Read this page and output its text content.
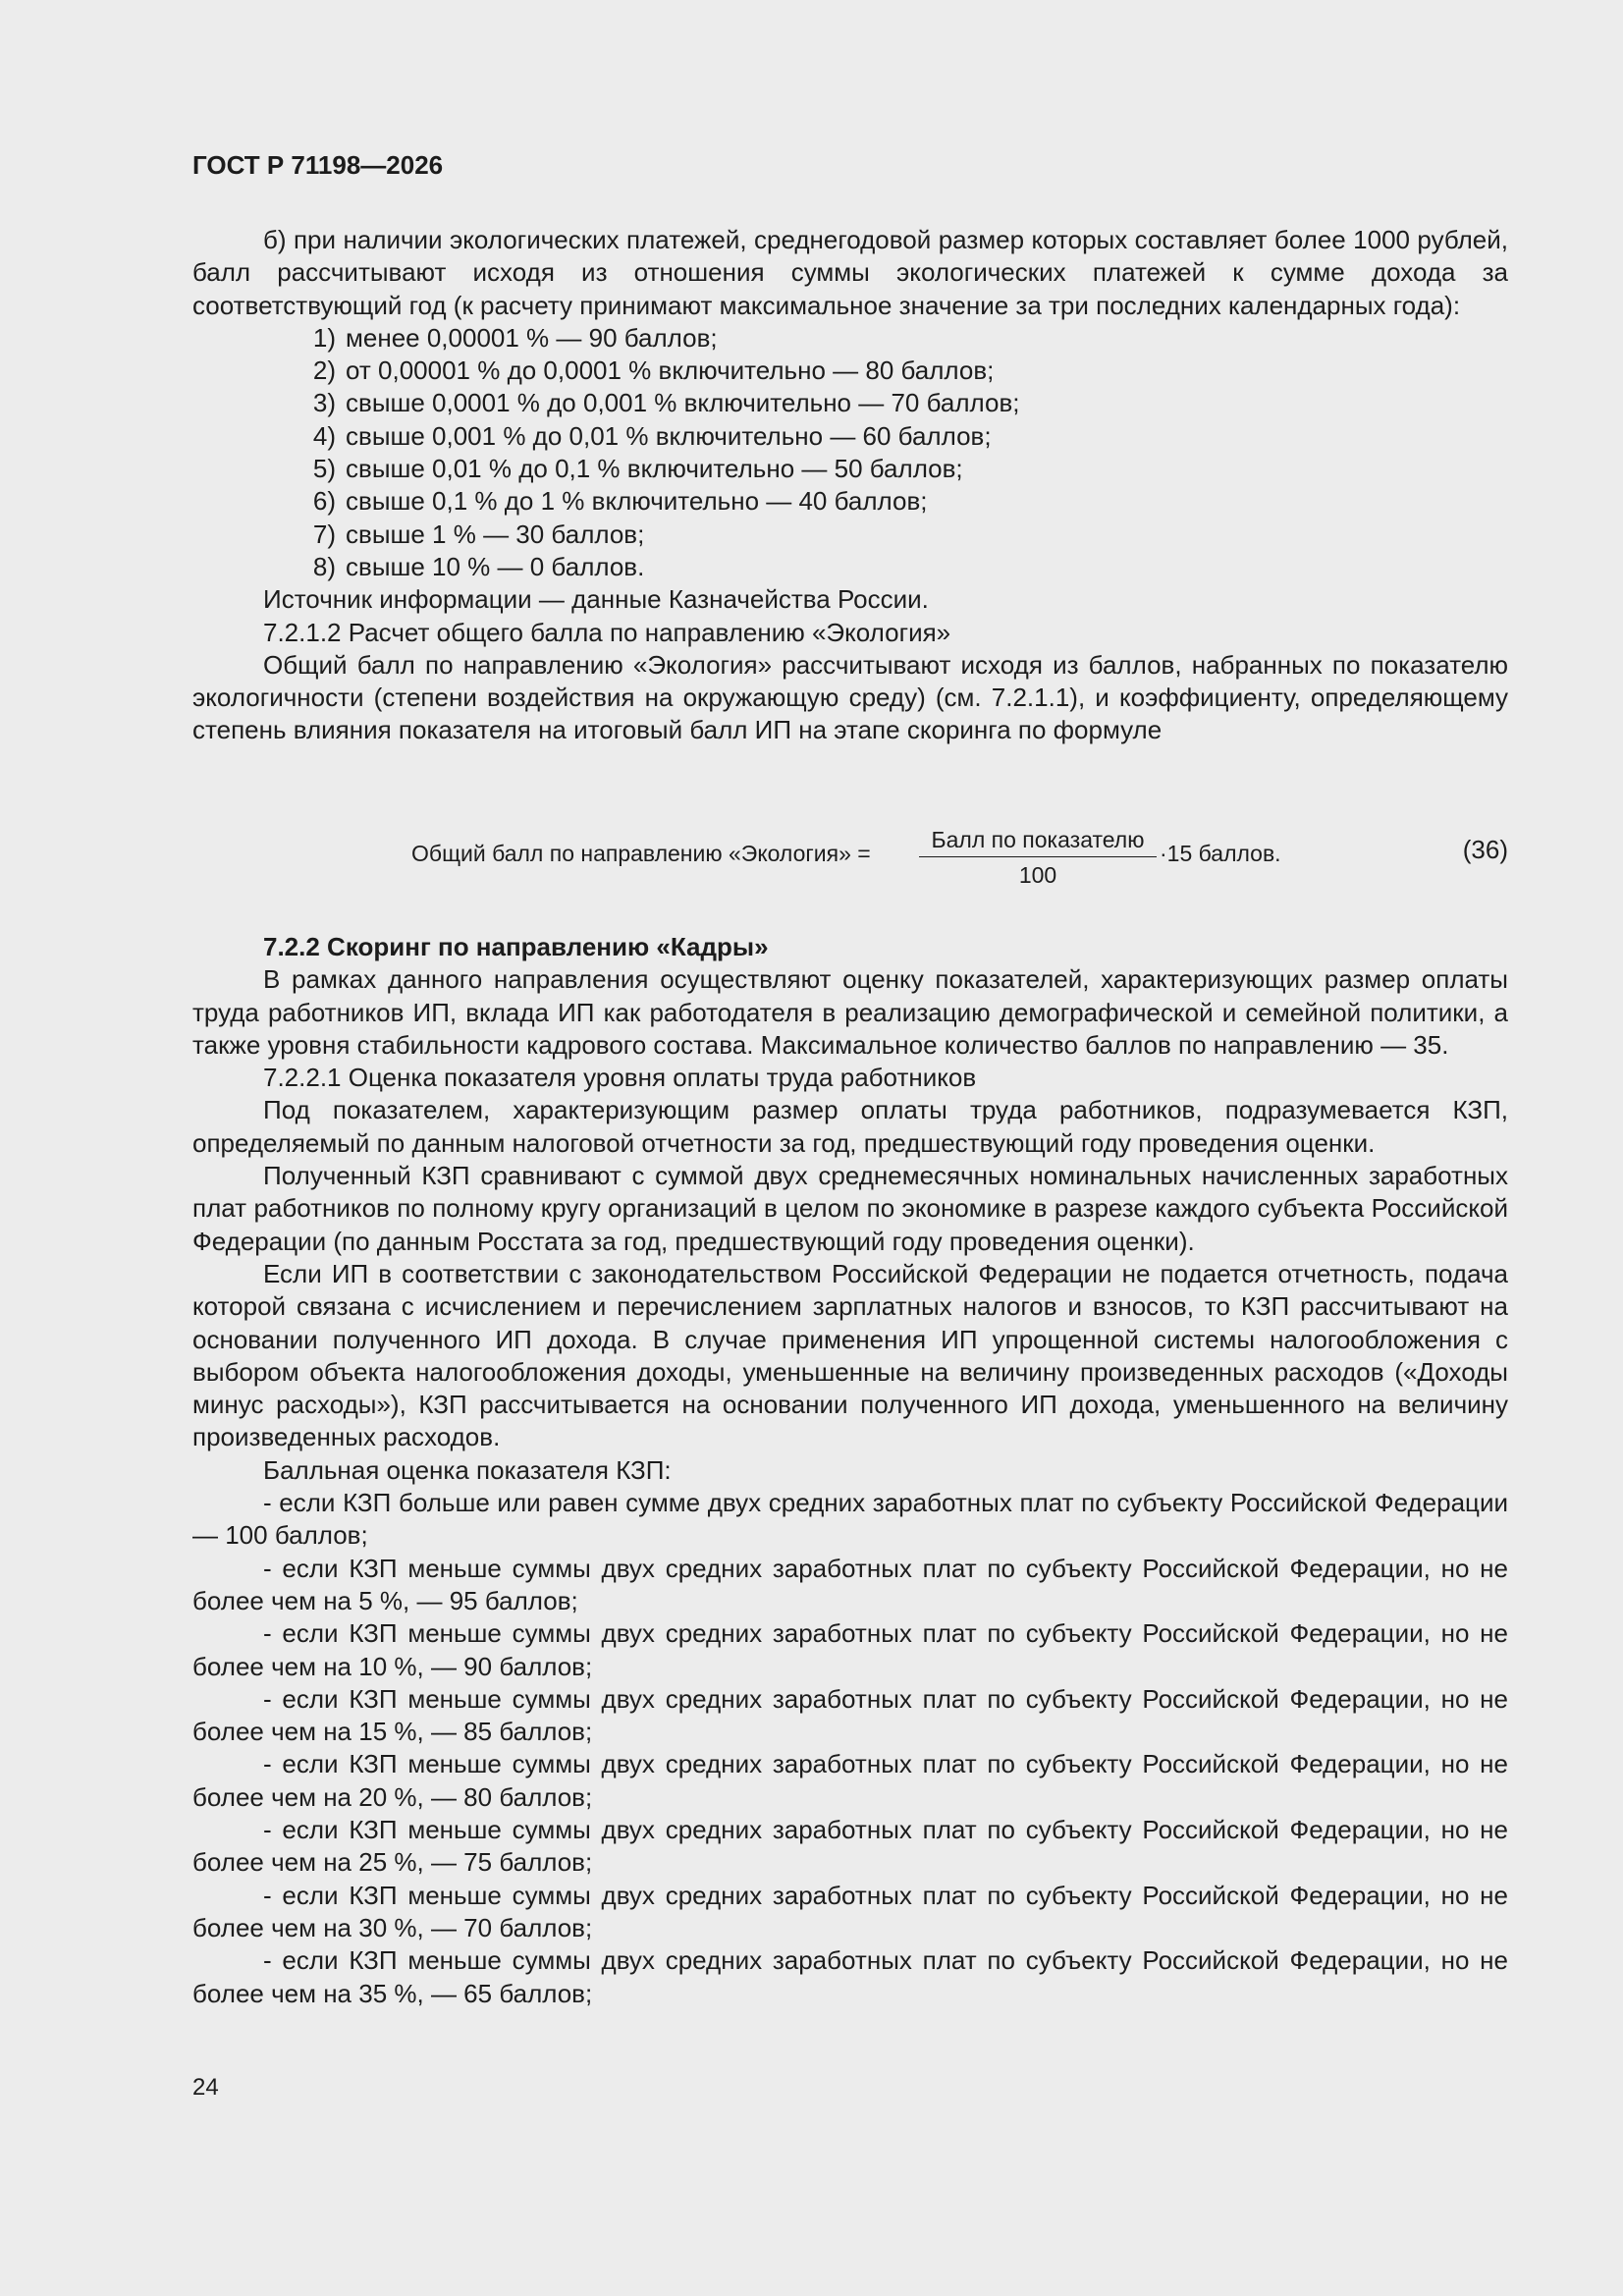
ГОСТ Р 71198—2026

б) при наличии экологических платежей, среднегодовой размер которых составляет более 1000 рублей, балл рассчитывают исходя из отношения суммы экологических платежей к сумме дохода за соответствующий год (к расчету принимают максимальное значение за три последних календарных года):

1) менее 0,00001 % — 90 баллов;
2) от 0,00001 % до 0,0001 % включительно — 80 баллов;
3) свыше 0,0001 % до 0,001 % включительно — 70 баллов;
4) свыше 0,001 % до 0,01 % включительно — 60 баллов;
5) свыше 0,01 % до 0,1 % включительно — 50 баллов;
6) свыше 0,1 % до 1 % включительно — 40 баллов;
7) свыше 1 % — 30 баллов;
8) свыше 10 % — 0 баллов.

Источник информации — данные Казначейства России.

7.2.1.2 Расчет общего балла по направлению «Экология»

Общий балл по направлению «Экология» рассчитывают исходя из баллов, набранных по показателю экологичности (степени воздействия на окружающую среду) (см. 7.2.1.1), и коэффициенту, определяющему степень влияния показателя на итоговый балл ИП на этапе скоринга по формуле

Общий балл по направлению «Экология» =
Балл по показателю
100
·15 баллов.	(36)

7.2.2 Скоринг по направлению «Кадры»

В рамках данного направления осуществляют оценку показателей, характеризующих размер оплаты труда работников ИП, вклада ИП как работодателя в реализацию демографической и семейной политики, а также уровня стабильности кадрового состава. Максимальное количество баллов по направлению — 35.

7.2.2.1 Оценка показателя уровня оплаты труда работников

Под показателем, характеризующим размер оплаты труда работников, подразумевается КЗП, определяемый по данным налоговой отчетности за год, предшествующий году проведения оценки.

Полученный КЗП сравнивают с суммой двух среднемесячных номинальных начисленных заработных плат работников по полному кругу организаций в целом по экономике в разрезе каждого субъекта Российской Федерации (по данным Росстата за год, предшествующий году проведения оценки).

Если ИП в соответствии с законодательством Российской Федерации не подается отчетность, подача которой связана с исчислением и перечислением зарплатных налогов и взносов, то КЗП рассчитывают на основании полученного ИП дохода. В случае применения ИП упрощенной системы налогообложения с выбором объекта налогообложения доходы, уменьшенные на величину произведенных расходов («Доходы минус расходы»), КЗП рассчитывается на основании полученного ИП дохода, уменьшенного на величину произведенных расходов.

Балльная оценка показателя КЗП:

- если КЗП больше или равен сумме двух средних заработных плат по субъекту Российской Федерации — 100 баллов;

- если КЗП меньше суммы двух средних заработных плат по субъекту Российской Федерации, но не более чем на 5 %, — 95 баллов;

- если КЗП меньше суммы двух средних заработных плат по субъекту Российской Федерации, но не более чем на 10 %, — 90 баллов;

- если КЗП меньше суммы двух средних заработных плат по субъекту Российской Федерации, но не более чем на 15 %, — 85 баллов;

- если КЗП меньше суммы двух средних заработных плат по субъекту Российской Федерации, но не более чем на 20 %, — 80 баллов;

- если КЗП меньше суммы двух средних заработных плат по субъекту Российской Федерации, но не более чем на 25 %, — 75 баллов;

- если КЗП меньше суммы двух средних заработных плат по субъекту Российской Федерации, но не более чем на 30 %, — 70 баллов;

- если КЗП меньше суммы двух средних заработных плат по субъекту Российской Федерации, но не более чем на 35 %, — 65 баллов;

24
